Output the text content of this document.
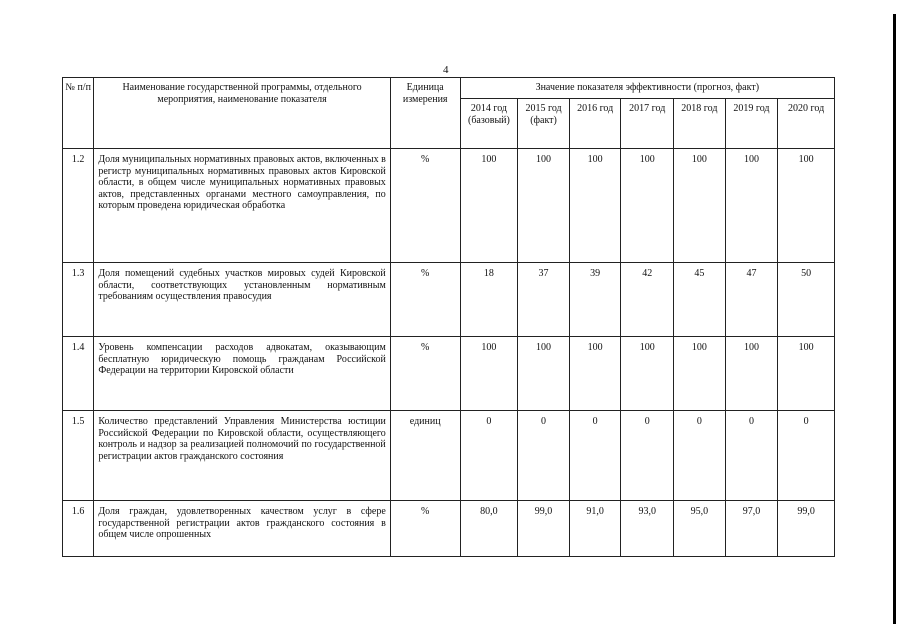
4
№ п/п	Наименование государственной программы, отдельного мероприятия, наименование показателя	Единица измерения	Значение показателя эффективности (прогноз, факт)						
			2014 год (базовый)	2015 год (факт)	2016 год	2017 год	2018 год	2019 год	2020 год
1.2	Доля муниципальных нормативных правовых актов, включенных в регистр муниципальных нормативных правовых актов Кировской области, в общем числе муниципальных нормативных правовых актов, представленных органами местного самоуправления, по которым проведена юридическая обработка	%	100	100	100	100	100	100	100
1.3	Доля помещений судебных участков мировых судей Кировской области, соответствующих установленным нормативным требованиям осуществления правосудия	%	18	37	39	42	45	47	50
1.4	Уровень компенсации расходов адвокатам, оказывающим бесплатную юридическую помощь гражданам Российской Федерации на территории Кировской области	%	100	100	100	100	100	100	100
1.5	Количество представлений Управления Министерства юстиции Российской Федерации по Кировской области, осуществляющего контроль и надзор за реализацией полномочий по государственной регистрации актов гражданского состояния	единиц	0	0	0	0	0	0	0
1.6	Доля граждан, удовлетворенных качеством услуг в сфере государственной регистрации актов гражданского состояния в общем числе опрошенных	%	80,0	99,0	91,0	93,0	95,0	97,0	99,0
